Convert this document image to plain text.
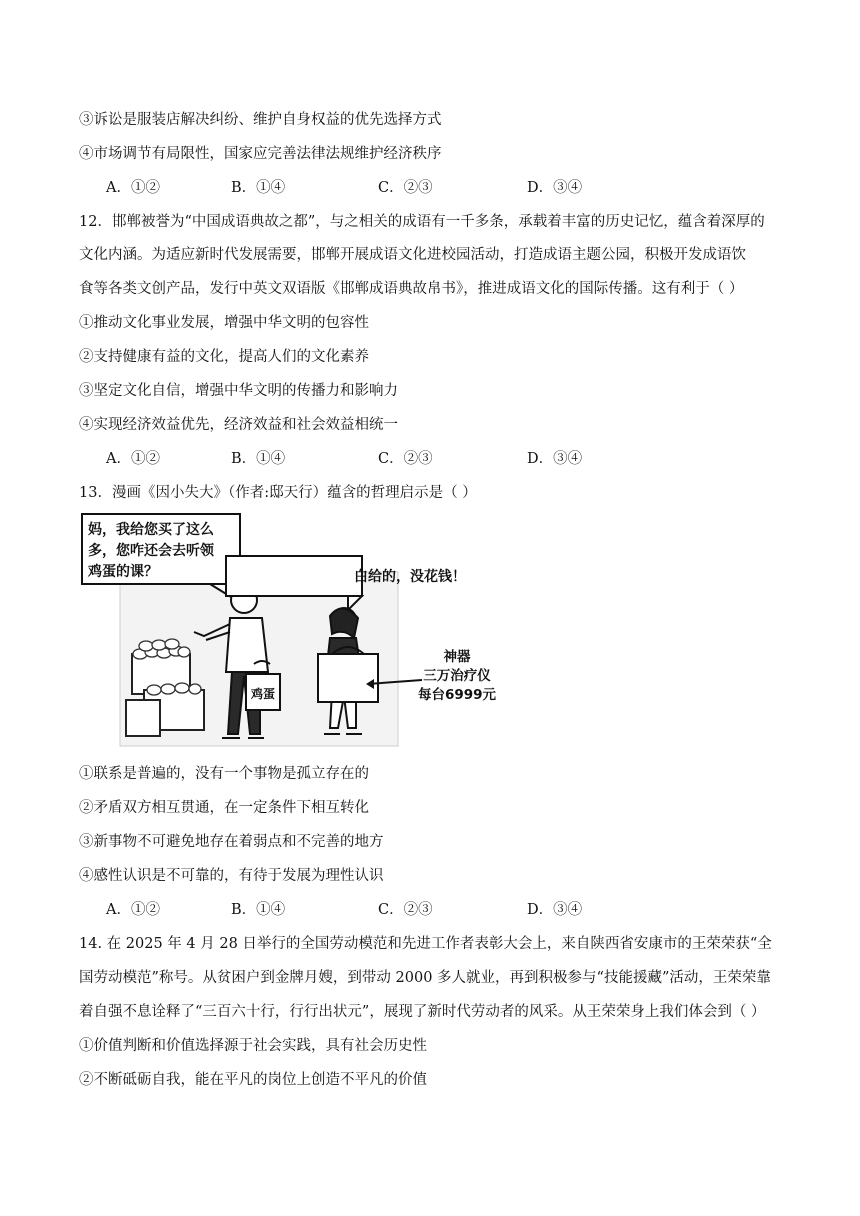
③诉讼是服装店解决纠纷、维护自身权益的优先选择方式
④市场调节有局限性，国家应完善法律法规维护经济秩序
A．①②	B．①④	C．②③	D．③④
12．邯郸被誉为“中国成语典故之都”，与之相关的成语有一千多条，承载着丰富的历史记忆，蕴含着深厚的
文化内涵。为适应新时代发展需要，邯郸开展成语文化进校园活动，打造成语主题公园，积极开发成语饮
食等各类文创产品，发行中英文双语版《邯郸成语典故帛书》，推进成语文化的国际传播。这有利于（ ）
①推动文化事业发展，增强中华文明的包容性
②支持健康有益的文化，提高人们的文化素养
③坚定文化自信，增强中华文明的传播力和影响力
④实现经济效益优先，经济效益和社会效益相统一
A．①②	B．①④	C．②③	D．③④
13．漫画《因小失大》（作者:邸天行）蕴含的哲理启示是（ ）
妈，我给您买了这么
多，您咋还会去听领
鸡蛋的课？
鸡蛋
白给的，没花钱！
神器
三万治疗仪
每台6999元
①联系是普遍的，没有一个事物是孤立存在的
②矛盾双方相互贯通，在一定条件下相互转化
③新事物不可避免地存在着弱点和不完善的地方
④感性认识是不可靠的，有待于发展为理性认识
A．①②	B．①④	C．②③	D．③④
14. 在 2025 年 4 月 28 日举行的全国劳动模范和先进工作者表彰大会上，来自陕西省安康市的王荣荣获“全
国劳动模范”称号。从贫困户到金牌月嫂，到带动 2000 多人就业，再到积极参与“技能援藏”活动，王荣荣靠
着自强不息诠释了“三百六十行，行行出状元”，展现了新时代劳动者的风采。从王荣荣身上我们体会到（ ）
①价值判断和价值选择源于社会实践，具有社会历史性
②不断砥砺自我，能在平凡的岗位上创造不平凡的价值
